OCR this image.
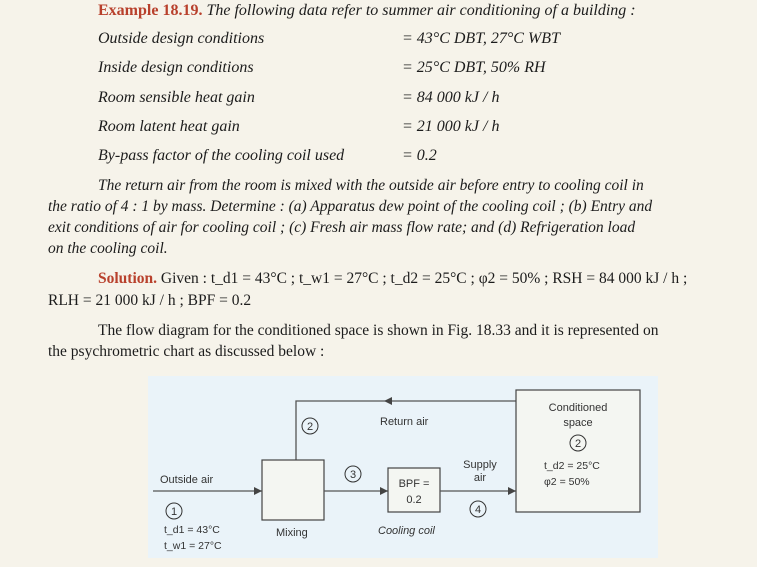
Example 18.19. The following data refer to summer air conditioning of a building :
Outside design conditions	= 43°C DBT, 27°C WBT
Inside design conditions	= 25°C DBT, 50% RH
Room sensible heat gain	= 84 000 kJ / h
Room latent heat gain	= 21 000 kJ / h
By-pass factor of the cooling coil used	= 0.2
The return air from the room is mixed with the outside air before entry to cooling coil in
the ratio of 4 : 1 by mass. Determine : (a) Apparatus dew point of the cooling coil ; (b) Entry and
exit conditions of air for cooling coil ; (c) Fresh air mass flow rate; and (d) Refrigeration load
on the cooling coil.
Solution. Given : t_d1 = 43°C ; t_w1 = 27°C ; t_d2 = 25°C ; φ2 = 50% ; RSH = 84 000 kJ / h ;
RLH = 21 000 kJ / h ; BPF = 0.2
The flow diagram for the conditioned space is shown in Fig. 18.33 and it is represented on
the psychrometric chart as discussed below :
2
3
1	4
2
Outside air
Return air
Mixing
BPF =
0.2
Cooling coil
Supply
air
Conditioned
space
t_d2 = 25°C
φ2 = 50%
t_d1 = 43°C
t_w1 = 27°C
